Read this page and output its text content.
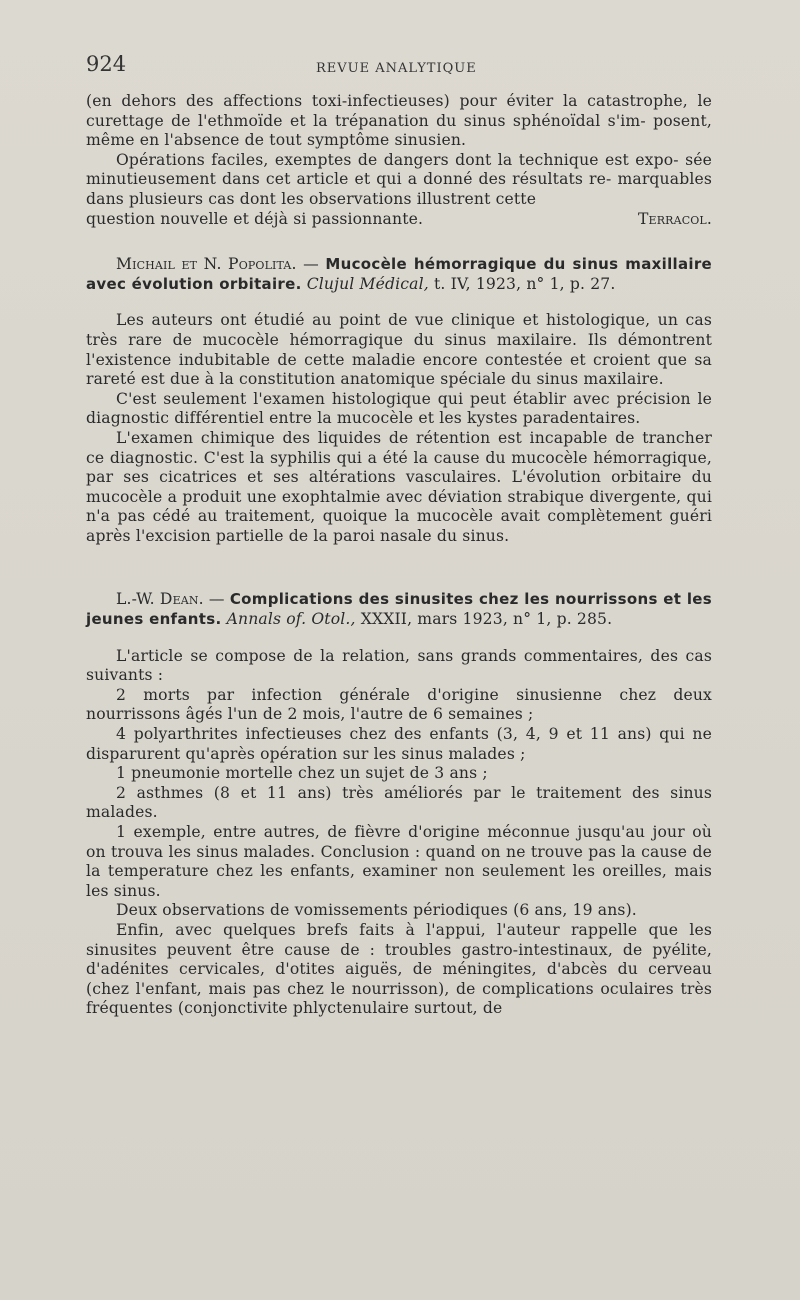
924	REVUE ANALYTIQUE

(en dehors des affections toxi-infectieuses) pour éviter la catastrophe, le curettage de l'ethmoïde et la trépanation du sinus sphénoïdal s'im- posent, même en l'absence de tout symptôme sinusien.

Opérations faciles, exemptes de dangers dont la technique est expo- sée minutieusement dans cet article et qui a donné des résultats re- marquables dans plusieurs cas dont les observations illustrent cette

question nouvelle et déjà si passionnante.	Terracol.

Michail et N. Popolita. — Mucocèle hémorragique du sinus maxillaire avec évolution orbitaire. Clujul Médical, t. IV, 1923, n° 1, p. 27.

Les auteurs ont étudié au point de vue clinique et histologique, un cas très rare de mucocèle hémorragique du sinus maxilaire. Ils démontrent l'existence indubitable de cette maladie encore contestée et croient que sa rareté est due à la constitution anatomique spéciale du sinus maxilaire.

C'est seulement l'examen histologique qui peut établir avec précision le diagnostic différentiel entre la mucocèle et les kystes paradentaires.

L'examen chimique des liquides de rétention est incapable de trancher ce diagnostic. C'est la syphilis qui a été la cause du mucocèle hémorragique, par ses cicatrices et ses altérations vasculaires. L'évolution orbitaire du mucocèle a produit une exophtalmie avec déviation strabique divergente, qui n'a pas cédé au traitement, quoique la mucocèle avait complètement guéri après l'excision partielle de la paroi nasale du sinus.

L.-W. Dean. — Complications des sinusites chez les nourrissons et les jeunes enfants. Annals of. Otol., XXXII, mars 1923, n° 1, p. 285.

L'article se compose de la relation, sans grands commentaires, des cas suivants :

2 morts par infection générale d'origine sinusienne chez deux nourrissons âgés l'un de 2 mois, l'autre de 6 semaines ;

4 polyarthrites infectieuses chez des enfants (3, 4, 9 et 11 ans) qui ne disparurent qu'après opération sur les sinus malades ;

1 pneumonie mortelle chez un sujet de 3 ans ;

2 asthmes (8 et 11 ans) très améliorés par le traitement des sinus malades.

1 exemple, entre autres, de fièvre d'origine méconnue jusqu'au jour où on trouva les sinus malades. Conclusion : quand on ne trouve pas la cause de la temperature chez les enfants, examiner non seulement les oreilles, mais les sinus.

Deux observations de vomissements périodiques (6 ans, 19 ans).

Enfin, avec quelques brefs faits à l'appui, l'auteur rappelle que les sinusites peuvent être cause de : troubles gastro-intestinaux, de pyélite, d'adénites cervicales, d'otites aiguës, de méningites, d'abcès du cerveau (chez l'enfant, mais pas chez le nourrisson), de complications oculaires très fréquentes (conjonctivite phlyctenulaire surtout, de
